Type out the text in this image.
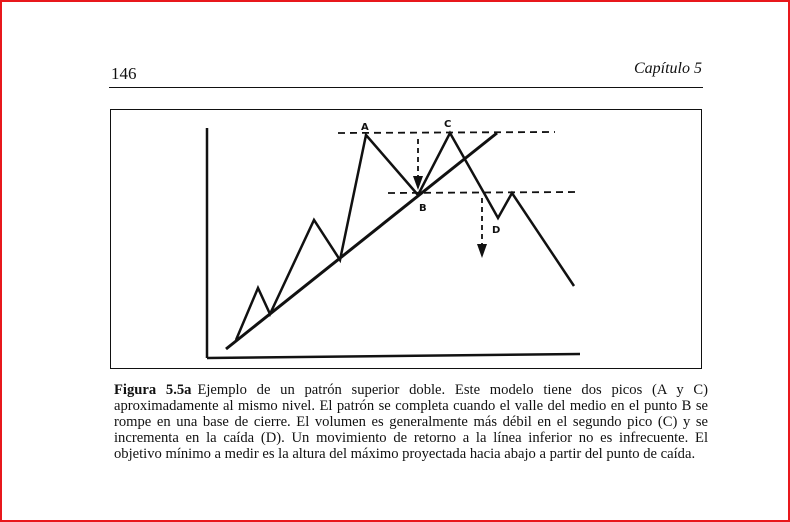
146	Capítulo 5
A	C
B
D
Figura 5.5a Ejemplo de un patrón superior doble. Este modelo tiene dos picos (A y C) aproximadamente al mismo nivel. El patrón se completa cuando el valle del medio en el punto B se rompe en una base de cierre. El volumen es generalmente más débil en el segundo pico (C) y se incrementa en la caída (D). Un movimiento de retorno a la línea inferior no es infrecuente. El objetivo mínimo a medir es la altura del máximo proyectada hacia abajo a partir del punto de caída.
